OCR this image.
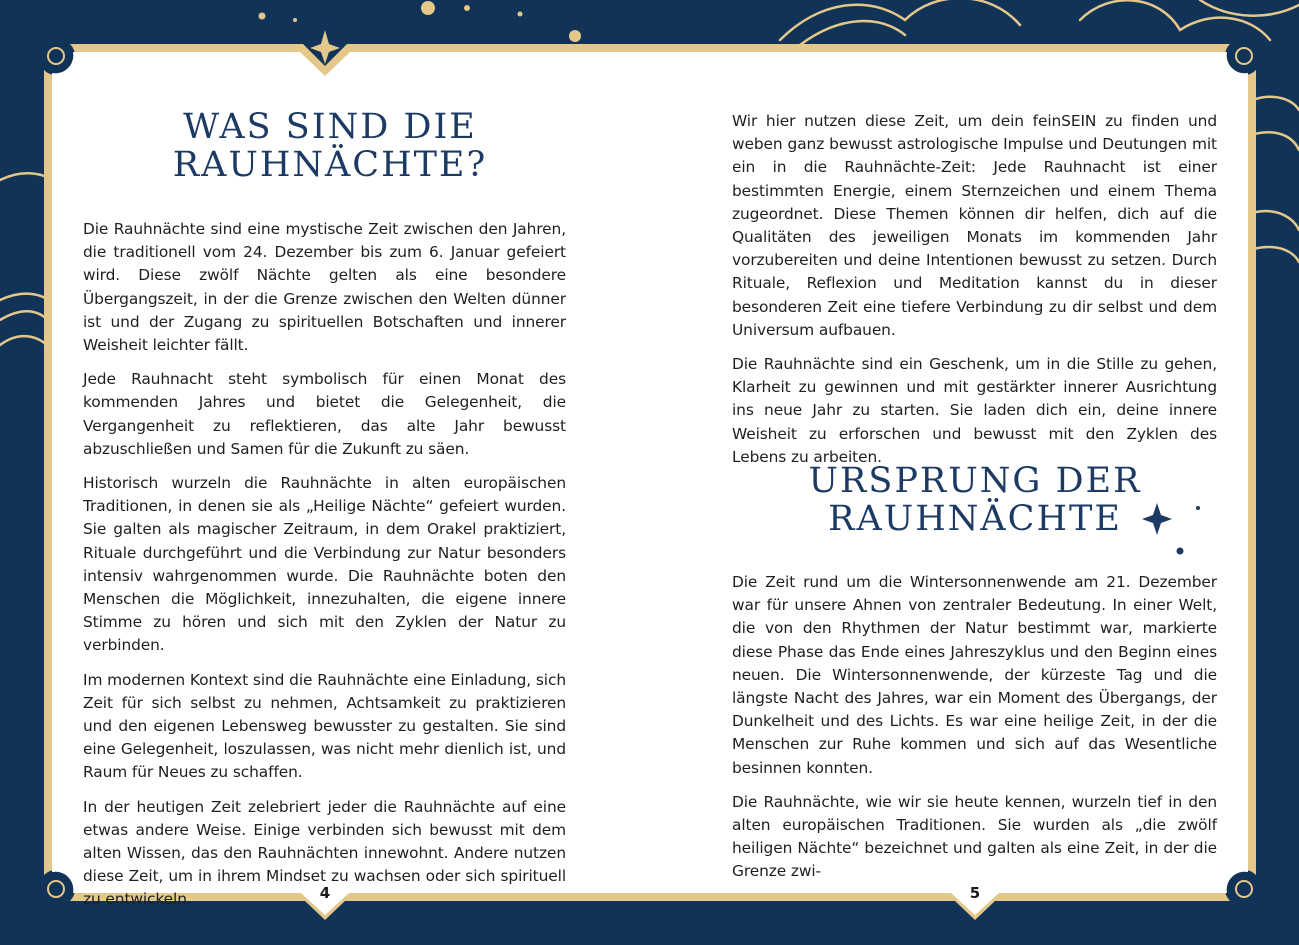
WAS SIND DIE
RAUHNÄCHTE?

Die Rauhnächte sind eine mystische Zeit zwischen den Jahren, die traditionell vom 24. Dezember bis zum 6. Januar gefeiert wird. Diese zwölf Nächte gelten als eine besondere Übergangszeit, in der die Grenze zwischen den Welten dünner ist und der Zugang zu spirituellen Botschaften und innerer Weisheit leichter fällt.

Jede Rauhnacht steht symbolisch für einen Monat des kommenden Jahres und bietet die Gelegenheit, die Vergangenheit zu reflektieren, das alte Jahr bewusst abzuschließen und Samen für die Zukunft zu säen.

Historisch wurzeln die Rauhnächte in alten europäischen Traditionen, in denen sie als „Heilige Nächte“ gefeiert wurden. Sie galten als magischer Zeitraum, in dem Orakel praktiziert, Rituale durchgeführt und die Verbindung zur Natur besonders intensiv wahrgenommen wurde. Die Rauhnächte boten den Menschen die Möglichkeit, innezuhalten, die eigene innere Stimme zu hören und sich mit den Zyklen der Natur zu verbinden.

Im modernen Kontext sind die Rauhnächte eine Einladung, sich Zeit für sich selbst zu nehmen, Achtsamkeit zu praktizieren und den eigenen Lebensweg bewusster zu gestalten. Sie sind eine Gelegenheit, loszulassen, was nicht mehr dienlich ist, und Raum für Neues zu schaffen.

In der heutigen Zeit zelebriert jeder die Rauhnächte auf eine etwas andere Weise. Einige verbinden sich bewusst mit dem alten Wissen, das den Rauhnächten innewohnt. Andere nutzen diese Zeit, um in ihrem Mindset zu wachsen oder sich spirituell zu entwickeln.	4

Wir hier nutzen diese Zeit, um dein feinSEIN zu finden und weben ganz bewusst astrologische Impulse und Deutungen mit ein in die Rauhnächte-Zeit: Jede Rauhnacht ist einer bestimmten Energie, einem Sternzeichen und einem Thema zugeordnet. Diese Themen können dir helfen, dich auf die Qualitäten des jeweiligen Monats im kommenden Jahr vorzubereiten und deine Intentionen bewusst zu setzen. Durch Rituale, Reflexion und Meditation kannst du in dieser besonderen Zeit eine tiefere Verbindung zu dir selbst und dem Universum aufbauen.

Die Rauhnächte sind ein Geschenk, um in die Stille zu gehen, Klarheit zu gewinnen und mit gestärkter innerer Ausrichtung ins neue Jahr zu starten. Sie laden dich ein, deine innere Weisheit zu erforschen und bewusst mit den Zyklen des Lebens zu arbeiten.

URSPRUNG DER
RAUHNÄCHTE

Die Zeit rund um die Wintersonnenwende am 21. Dezember war für unsere Ahnen von zentraler Bedeutung. In einer Welt, die von den Rhythmen der Natur bestimmt war, markierte diese Phase das Ende eines Jahreszyklus und den Beginn eines neuen. Die Wintersonnenwende, der kürzeste Tag und die längste Nacht des Jahres, war ein Moment des Übergangs, der Dunkelheit und des Lichts. Es war eine heilige Zeit, in der die Menschen zur Ruhe kommen und sich auf das Wesentliche besinnen konnten.

Die Rauhnächte, wie wir sie heute kennen, wurzeln tief in den alten europäischen Traditionen. Sie wurden als „die zwölf heiligen Nächte“ bezeichnet und galten als eine Zeit, in der die Grenze zwi-

5
